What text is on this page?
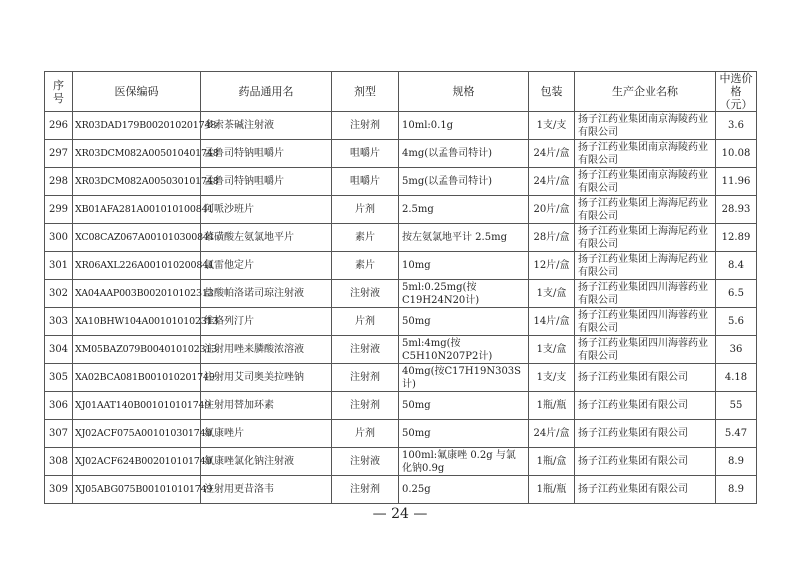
序号	医保编码	药品通用名	剂型	规格	包装	生产企业名称	中选价格（元）
296	XR03DAD179B002010201748	多索茶碱注射液	注射剂	10ml:0.1g	1支/支	扬子江药业集团南京海陵药业有限公司	3.6
297	XR03DCM082A005010401748	孟鲁司特钠咀嚼片	咀嚼片	4mg(以孟鲁司特计)	24片/盒	扬子江药业集团南京海陵药业有限公司	10.08
298	XR03DCM082A005030101748	孟鲁司特钠咀嚼片	咀嚼片	5mg(以孟鲁司特计)	24片/盒	扬子江药业集团南京海陵药业有限公司	11.96
299	XB01AFA281A001010100841	阿哌沙班片	片剂	2.5mg	20片/盒	扬子江药业集团上海海尼药业有限公司	28.93
300	XC08CAZ067A001010300841	苯磺酸左氨氯地平片	素片	按左氨氯地平计 2.5mg	28片/盒	扬子江药业集团上海海尼药业有限公司	12.89
301	XR06AXL226A001010200841	氯雷他定片	素片	10mg	12片/盒	扬子江药业集团上海海尼药业有限公司	8.4
302	XA04AAP003B002010102313	盐酸帕洛诺司琼注射液	注射液	5ml:0.25mg(按 C19H24N20计)	1支/盒	扬子江药业集团四川海蓉药业有限公司	6.5
303	XA10BHW104A001010102313	维格列汀片	片剂	50mg	14片/盒	扬子江药业集团四川海蓉药业有限公司	5.6
304	XM05BAZ079B004010102313	注射用唑来膦酸浓溶液	注射液	5ml:4mg(按 C5H10N207P2计)	1支/盒	扬子江药业集团四川海蓉药业有限公司	36
305	XA02BCA081B001010201749	注射用艾司奥美拉唑钠	注射剂	40mg(按C17H19N303S计)	1支/支	扬子江药业集团有限公司	4.18
306	XJ01AAT140B001010101749	注射用替加环素	注射剂	50mg	1瓶/瓶	扬子江药业集团有限公司	55
307	XJ02ACF075A001010301749	氟康唑片	片剂	50mg	24片/盒	扬子江药业集团有限公司	5.47
308	XJ02ACF624B002010101749	氟康唑氯化钠注射液	注射液	100ml:氟康唑 0.2g 与氯化钠0.9g	1瓶/盒	扬子江药业集团有限公司	8.9
309	XJ05ABG075B001010101749	注射用更昔洛韦	注射剂	0.25g	1瓶/瓶	扬子江药业集团有限公司	8.9
— 24 —
